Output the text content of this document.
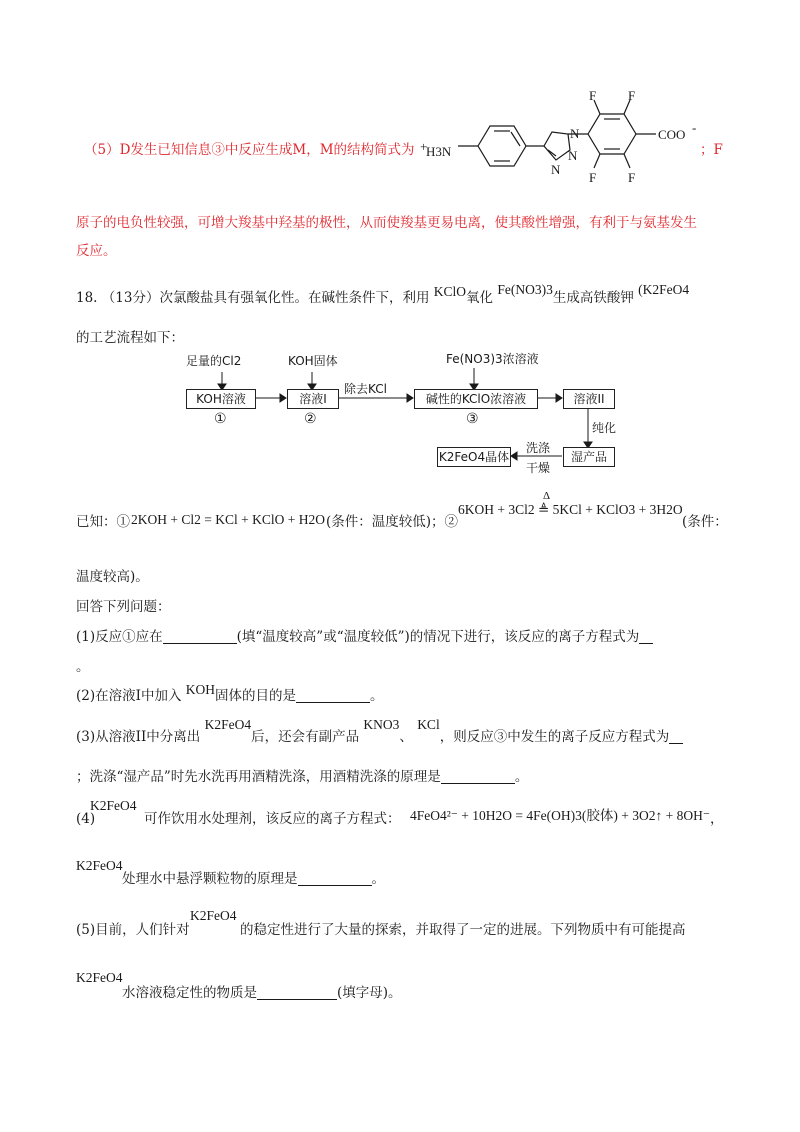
（5）D发生已知信息③中反应生成M，M的结构简式为 +
H3N
N
N
N
F F
F F
COO -
；F
原子的电负性较强，可增大羧基中羟基的极性，从而使羧基更易电离，使其酸性增强，有利于与氨基发生
反应。
18. （13分）次氯酸盐具有强氧化性。在碱性条件下，利用 KClO氧化 Fe(NO3)3生成高铁酸钾 (K2FeO4
的工艺流程如下：
足量的Cl2	KOH固体	Fe(NO3)3浓溶液
KOH溶液	溶液I	碱性的KClO浓溶液	溶液II
湿产品
K2FeO4晶体
除去KCl
纯化
洗涤
干燥
①	②	③
已知：① 2KOH + Cl2 = KCl + KClO + H2O (条件：温度较低)；②
Δ
6KOH + 3Cl2 ≜ 5KCl + KClO3 + 3H2O
(条件：
温度较高)。
回答下列问题：
(1)反应①应在	(填“温度较高”或“温度较低”)的情况下进行，该反应的离子方程式为
。
(2)在溶液I中加入 KOH固体的目的是	。
(3)从溶液II中分离出 K2FeO4后，还会有副产品 KNO3、 KCl，则反应③中发生的离子反应方程式为
；洗涤“湿产品”时先水洗再用酒精洗涤，用酒精洗涤的原理是	。
(4)
K2FeO4
可作饮用水处理剂，该反应的离子方程式： 4FeO4²⁻ + 10H2O = 4Fe(OH)3(胶体) + 3O2↑ + 8OH⁻ ，
K2FeO4
处理水中悬浮颗粒物的原理是	。
(5)目前，人们针对
K2FeO4
的稳定性进行了大量的探索，并取得了一定的进展。下列物质中有可能提高
K2FeO4
水溶液稳定性的物质是	(填字母)。
